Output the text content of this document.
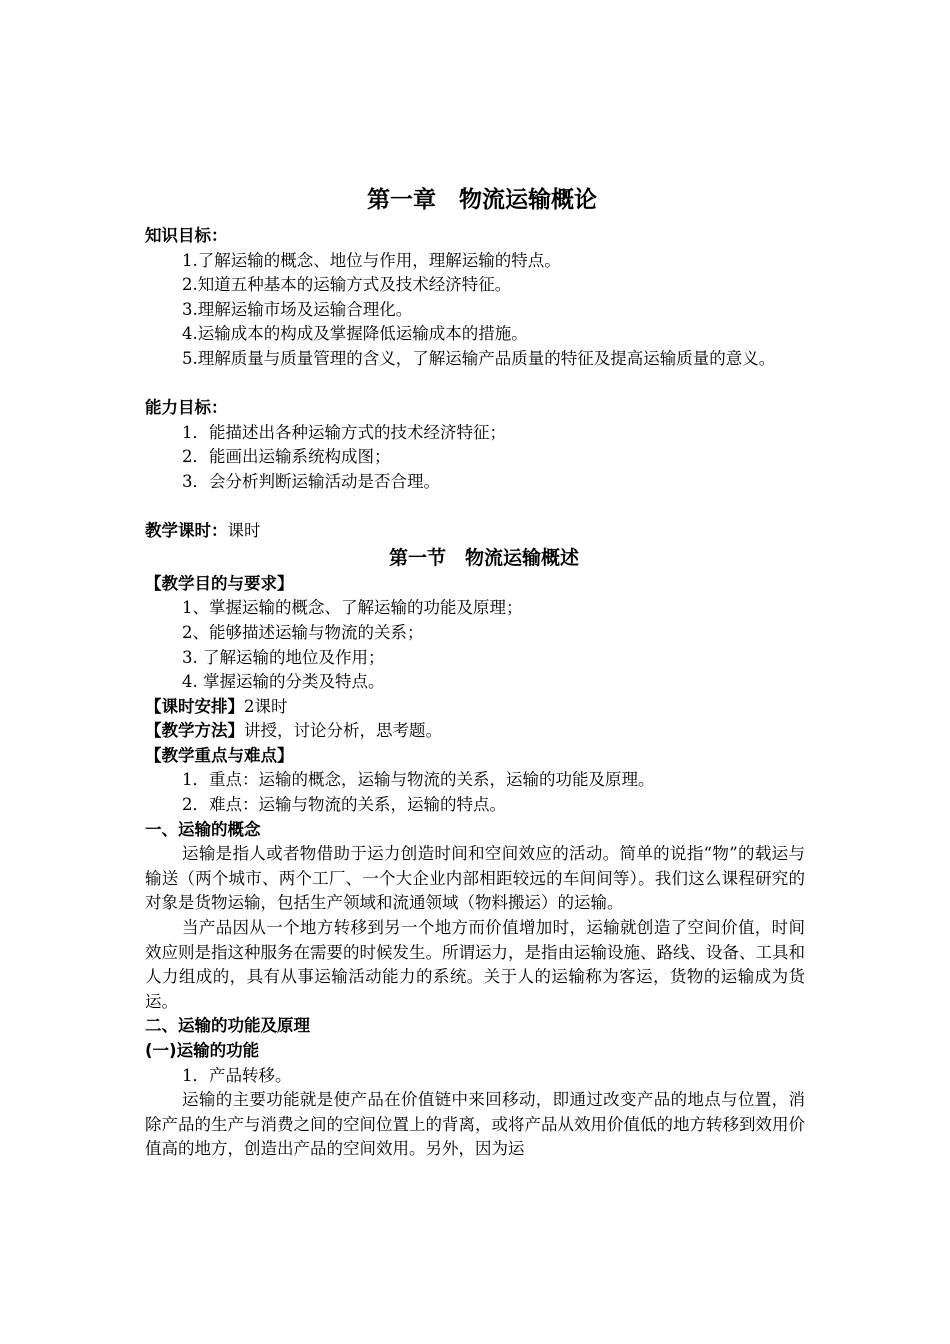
第一章　物流运输概论

知识目标：

1.了解运输的概念、地位与作用，理解运输的特点。

2.知道五种基本的运输方式及技术经济特征。

3.理解运输市场及运输合理化。

4.运输成本的构成及掌握降低运输成本的措施。

5.理解质量与质量管理的含义，了解运输产品质量的特征及提高运输质量的意义。

能力目标：

1．能描述出各种运输方式的技术经济特征；

2．能画出运输系统构成图；

3．会分析判断运输活动是否合理。

教学课时：课时

第一节　物流运输概述

【教学目的与要求】

1、掌握运输的概念、了解运输的功能及原理；

2、能够描述运输与物流的关系；

3. 了解运输的地位及作用；

4. 掌握运输的分类及特点。

【课时安排】2课时

【教学方法】讲授，讨论分析，思考题。

【教学重点与难点】

1．重点：运输的概念，运输与物流的关系，运输的功能及原理。

2．难点：运输与物流的关系，运输的特点。

一、运输的概念

运输是指人或者物借助于运力创造时间和空间效应的活动。简单的说指“物”的载运与输送（两个城市、两个工厂、一个大企业内部相距较远的车间间等）。我们这么课程研究的对象是货物运输，包括生产领域和流通领域（物料搬运）的运输。

当产品因从一个地方转移到另一个地方而价值增加时，运输就创造了空间价值，时间效应则是指这种服务在需要的时候发生。所谓运力，是指由运输设施、路线、设备、工具和人力组成的，具有从事运输活动能力的系统。关于人的运输称为客运，货物的运输成为货运。

二、运输的功能及原理

(一)运输的功能

1．产品转移。

运输的主要功能就是使产品在价值链中来回移动，即通过改变产品的地点与位置，消除产品的生产与消费之间的空间位置上的背离，或将产品从效用价值低的地方转移到效用价值高的地方，创造出产品的空间效用。另外，因为运
